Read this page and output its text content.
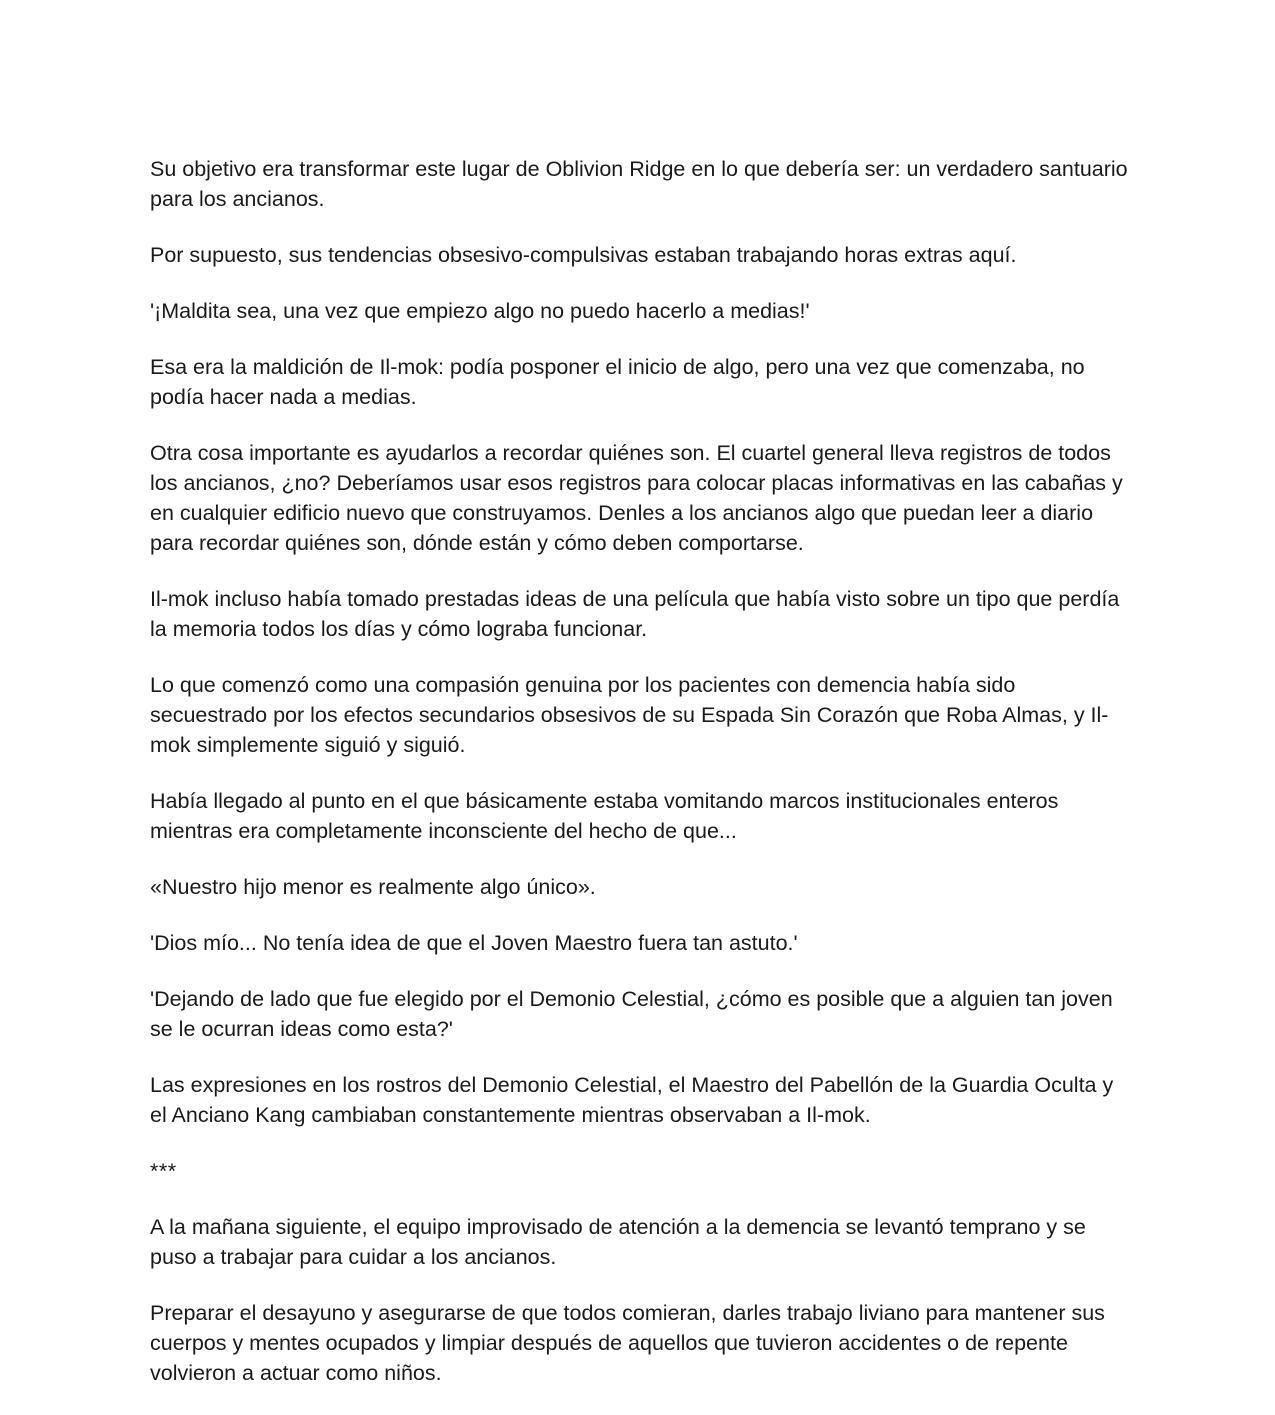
Su objetivo era transformar este lugar de Oblivion Ridge en lo que debería ser: un verdadero santuario para los ancianos.

Por supuesto, sus tendencias obsesivo-compulsivas estaban trabajando horas extras aquí.

'¡Maldita sea, una vez que empiezo algo no puedo hacerlo a medias!'

Esa era la maldición de Il-mok: podía posponer el inicio de algo, pero una vez que comenzaba, no podía hacer nada a medias.

Otra cosa importante es ayudarlos a recordar quiénes son. El cuartel general lleva registros de todos los ancianos, ¿no? Deberíamos usar esos registros para colocar placas informativas en las cabañas y en cualquier edificio nuevo que construyamos. Denles a los ancianos algo que puedan leer a diario para recordar quiénes son, dónde están y cómo deben comportarse.

Il-mok incluso había tomado prestadas ideas de una película que había visto sobre un tipo que perdía la memoria todos los días y cómo lograba funcionar.

Lo que comenzó como una compasión genuina por los pacientes con demencia había sido secuestrado por los efectos secundarios obsesivos de su Espada Sin Corazón que Roba Almas, y Il-mok simplemente siguió y siguió.

Había llegado al punto en el que básicamente estaba vomitando marcos institucionales enteros mientras era completamente inconsciente del hecho de que...

«Nuestro hijo menor es realmente algo único».

'Dios mío... No tenía idea de que el Joven Maestro fuera tan astuto.'

'Dejando de lado que fue elegido por el Demonio Celestial, ¿cómo es posible que a alguien tan joven se le ocurran ideas como esta?'

Las expresiones en los rostros del Demonio Celestial, el Maestro del Pabellón de la Guardia Oculta y el Anciano Kang cambiaban constantemente mientras observaban a Il-mok.

***

A la mañana siguiente, el equipo improvisado de atención a la demencia se levantó temprano y se puso a trabajar para cuidar a los ancianos.

Preparar el desayuno y asegurarse de que todos comieran, darles trabajo liviano para mantener sus cuerpos y mentes ocupados y limpiar después de aquellos que tuvieron accidentes o de repente volvieron a actuar como niños.
